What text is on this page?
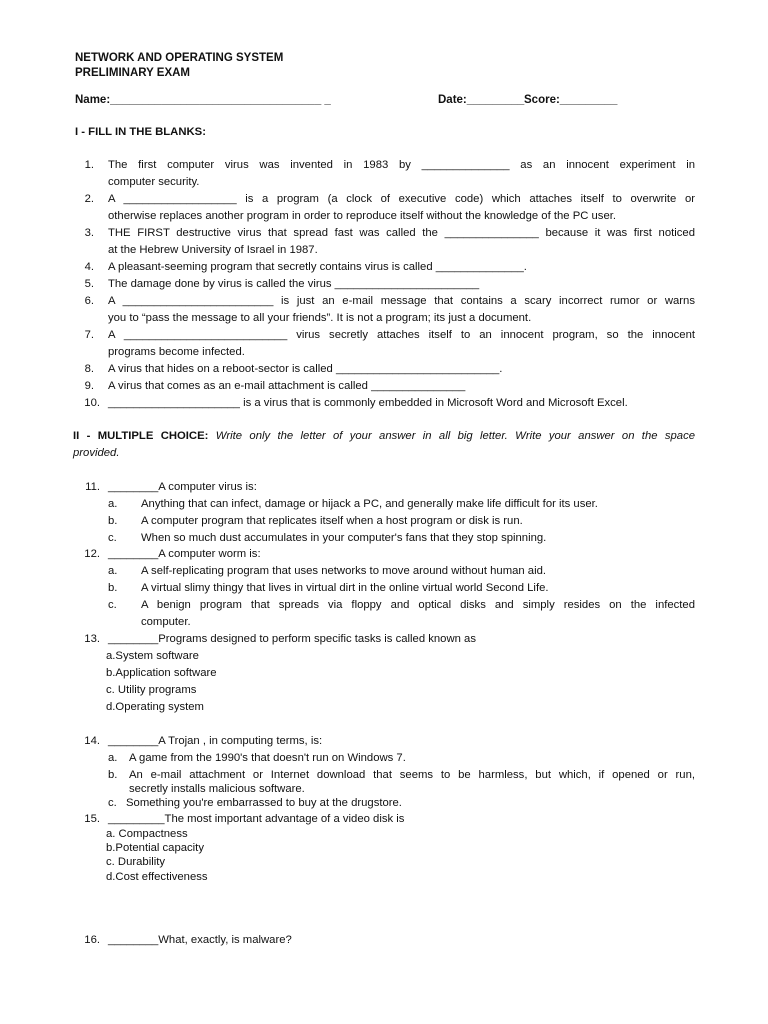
NETWORK AND OPERATING SYSTEM
PRELIMINARY EXAM
Name:_________________________________ _	Date:_________ Score:_________
I - FILL IN THE BLANKS:
1. The first computer virus was invented in 1983 by ______________ as an innocent experiment in
computer security.
2. A __________________ is a program (a clock of executive code) which attaches itself to overwrite or
otherwise replaces another program in order to reproduce itself without the knowledge of the PC user.
3. THE FIRST destructive virus that spread fast was called the _______________ because it was first noticed
at the Hebrew University of Israel in 1987.
4. A pleasant-seeming program that secretly contains virus is called ______________.
5. The damage done by virus is called the virus _______________________
6. A ________________________ is just an e-mail message that contains a scary incorrect rumor or warns
you to “pass the message to all your friends”. It is not a program; its just a document.
7. A __________________________ virus secretly attaches itself to an innocent program, so the innocent
programs become infected.
8. A virus that hides on a reboot-sector is called __________________________.
9. A virus that comes as an e-mail attachment is called _______________
10. _____________________ is a virus that is commonly embedded in Microsoft Word and Microsoft Excel.
II - MULTIPLE CHOICE: Write only the letter of your answer in all big letter. Write your answer on the space
provided.
11. ________A computer virus is:
a. Anything that can infect, damage or hijack a PC, and generally make life difficult for its user.
b. A computer program that replicates itself when a host program or disk is run.
c. When so much dust accumulates in your computer's fans that they stop spinning.
12. ________A computer worm is:
a. A self-replicating program that uses networks to move around without human aid.
b. A virtual slimy thingy that lives in virtual dirt in the online virtual world Second Life.
c. A benign program that spreads via floppy and optical disks and simply resides on the infected
computer.
13. ________Programs designed to perform specific tasks is called known as
a.System software
b.Application software
c. Utility programs
d.Operating system
14. ________A Trojan , in computing terms, is:
a. A game from the 1990's that doesn't run on Windows 7.
b. An e-mail attachment or Internet download that seems to be harmless, but which, if opened or run,
secretly installs malicious software.
c. Something you're embarrassed to buy at the drugstore.
15. _________The most important advantage of a video disk is
a. Compactness
b.Potential capacity
c. Durability
d.Cost effectiveness
16. ________What, exactly, is malware?
